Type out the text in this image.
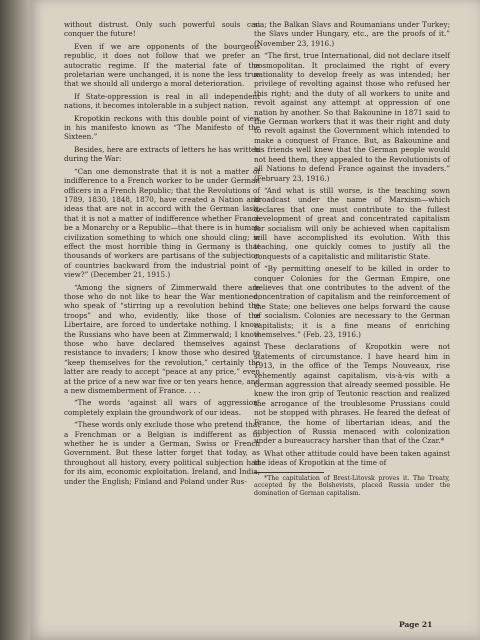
without distrust. Only such powerful souls can conquer the future!

Even if we are opponents of the bourgeois republic, it does not follow that we prefer an autocratic regime. If the material fate of the proletarian were unchanged, it is none the less true that we should all undergo a moral deterioration.

If State-oppression is real in all independent nations, it becomes intolerable in a subject nation.

Kropotkin reckons with this double point of view in his manifesto known as “The Manifesto of the Sixteen.”

Besides, here are extracts of letters he has written during the War:

“Can one demonstrate that it is not a matter of indifference to a French worker to be under German officers in a French Republic; that the Revolutions of 1789, 1830, 1848, 1870, have created a Nation and ideas that are not in accord with the German lash; that it is not a matter of indifference whether France be a Monarchy or a Republic—that there is in human civilization something to which one should cling; in effect the most horrible thing in Germany is that thousands of workers are partisans of the subjection of countries backward from the industrial point of view?” (December 21, 1915.)

“Among the signers of Zimmerwald there are those who do not like to hear the War mentioned, who speak of “stirring up a revolution behind the troops” and who, evidently, like those of the Libertaire, are forced to undertake nothing. I know the Russians who have been at Zimmerwald; I know those who have declared themselves against resistance to invaders; I know those who desired to “keep themselves for the revolution,” certainly the latter are ready to accept “peace at any price,” even at the price of a new war five or ten years hence, and a new dismemberment of France. . . .

“The words ‘against all wars of aggression’ completely explain the groundwork of our ideas.

“These words only exclude those who pretend that a Frenchman or a Belgian is indifferent as to whether he is under a German, Swiss or French Government. But these latter forget that today, as throughout all history, every political subjection had for its aim, economic exploitation. Ireland, and India, under the English; Finland and Poland under Rus-

sia; the Balkan Slavs and Roumanians under Turkey; the Slavs under Hungary, etc., are the proofs of it.” (November 23, 1916.)

“The first, true International, did not declare itself cosmopolitan. It proclaimed the right of every nationality to develop freely as was intended; her privilege of revolting against those who refused her this right; and the duty of all workers to unite and revolt against any attempt at oppression of one nation by another. So that Bakounine in 1871 said to the German workers that it was their right and duty to revolt against the Government which intended to make a conquest of France. But, as Bakounine and his friends well knew that the German people would not heed them, they appealed to the Revolutionists of all Nations to defend France against the invaders.” (February 23, 1916.)

“And what is still worse, is the teaching sown broadcast under the name of Marxism—which declares that one must contribute to the fullest development of great and concentrated capitalism for socialism will only be achieved when capitalism will have accomplished its evolution. With this teaching, one quickly comes to justify all the conquests of a capitalistic and militaristic State.

“By permitting oneself to be killed in order to conquer Colonies for the German Empire, one believes that one contributes to the advent of the concentration of capitalism and the reinforcement of the State; one believes one helps forward the cause of socialism. Colonies are necessary to the German capitalists; it is a fine means of enriching themselves.” (Feb. 23, 1916.)

These declarations of Kropotkin were not statements of circumstance. I have heard him in 1913, in the office of the Temps Nouveaux, rise vehemently against capitalism, vis-à-vis with a German aggression that already seemed possible. He knew the iron grip of Teutonic reaction and realized the arrogance of the troublesome Prussians could not be stopped with phrases. He feared the defeat of France, the home of libertarian ideas, and the subjection of Russia menaced with colonization under a bureaucracy harsher than that of the Czar.*

What other attitude could have been taken against the ideas of Kropotkin at the time of

*The capitulation of Brest-Litovsk proves it. The Treaty, accepted by the Bolshevists, placed Russia under the domination of German capitalism.

Page 21
